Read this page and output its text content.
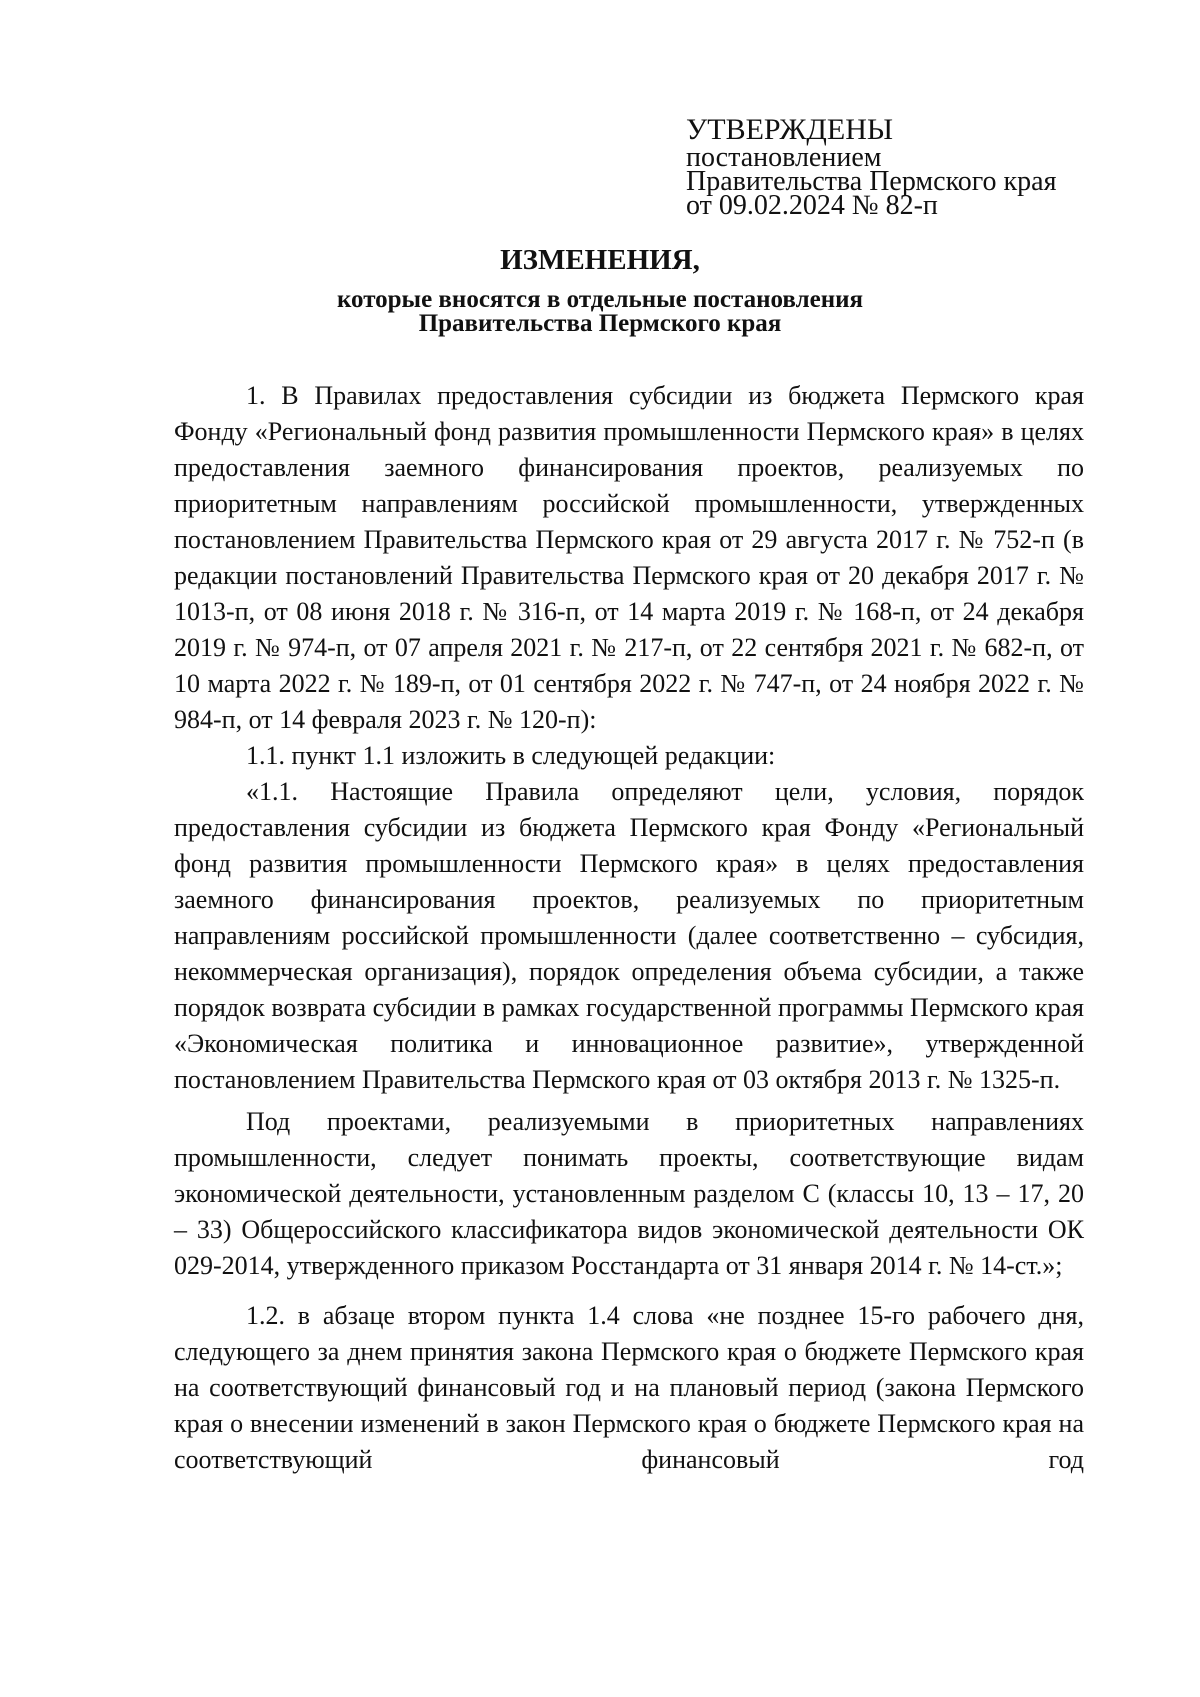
УТВЕРЖДЕНЫ
постановлением
Правительства Пермского края
от 09.02.2024 № 82-п
ИЗМЕНЕНИЯ,
которые вносятся в отдельные постановления
Правительства Пермского края

1. В Правилах предоставления субсидии из бюджета Пермского края Фонду «Региональный фонд развития промышленности Пермского края» в целях предоставления заемного финансирования проектов, реализуемых по приоритетным направлениям российской промышленности, утвержденных постановлением Правительства Пермского края от 29 августа 2017 г. № 752-п (в редакции постановлений Правительства Пермского края от 20 декабря 2017 г. № 1013-п, от 08 июня 2018 г. № 316-п, от 14 марта 2019 г. № 168-п, от 24 декабря 2019 г. № 974-п, от 07 апреля 2021 г. № 217-п, от 22 сентября 2021 г. № 682-п, от 10 марта 2022 г. № 189-п, от 01 сентября 2022 г. № 747-п, от 24 ноября 2022 г. № 984-п, от 14 февраля 2023 г. № 120-п):

1.1. пункт 1.1 изложить в следующей редакции:

«1.1. Настоящие Правила определяют цели, условия, порядок предоставления субсидии из бюджета Пермского края Фонду «Региональный фонд развития промышленности Пермского края» в целях предоставления заемного финансирования проектов, реализуемых по приоритетным направлениям российской промышленности (далее соответственно – субсидия, некоммерческая организация), порядок определения объема субсидии, а также порядок возврата субсидии в рамках государственной программы Пермского края «Экономическая политика и инновационное развитие», утвержденной постановлением Правительства Пермского края от 03 октября 2013 г. № 1325-п.

Под проектами, реализуемыми в приоритетных направлениях промышленности, следует понимать проекты, соответствующие видам экономической деятельности, установленным разделом С (классы 10, 13 – 17, 20 – 33) Общероссийского классификатора видов экономической деятельности ОК 029-2014, утвержденного приказом Росстандарта от 31 января 2014 г. № 14-ст.»;

1.2. в абзаце втором пункта 1.4 слова «не позднее 15-го рабочего дня, следующего за днем принятия закона Пермского края о бюджете Пермского края на соответствующий финансовый год и на плановый период (закона Пермского края о внесении изменений в закон Пермского края о бюджете Пермского края на соответствующий финансовый год
